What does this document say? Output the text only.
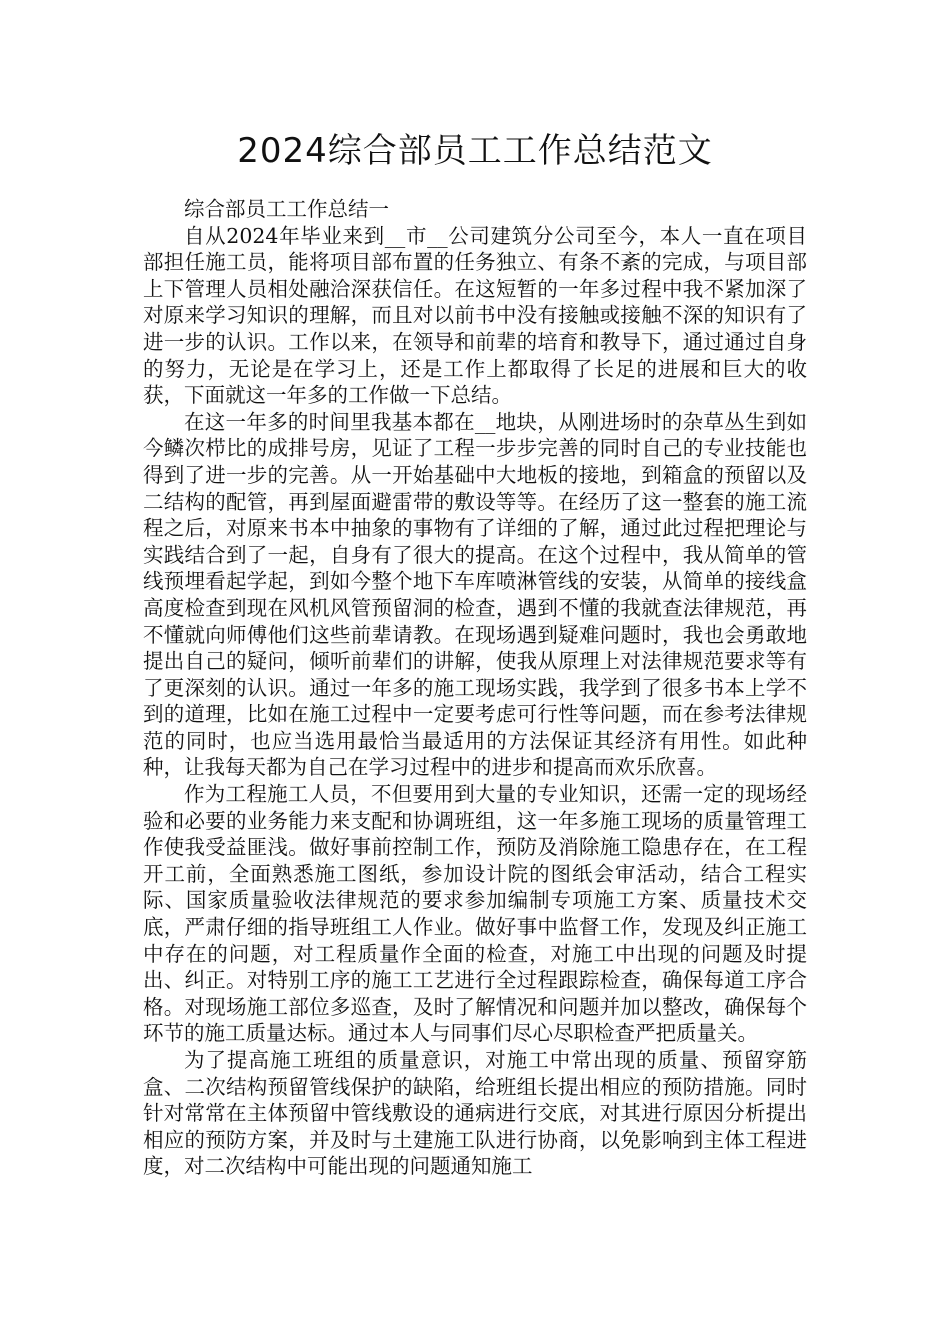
2024综合部员工工作总结范文

综合部员工工作总结一

自从2024年毕业来到__市__公司建筑分公司至今，本人一直在项目部担任施工员，能将项目部布置的任务独立、有条不紊的完成，与项目部上下管理人员相处融洽深获信任。在这短暂的一年多过程中我不紧加深了对原来学习知识的理解，而且对以前书中没有接触或接触不深的知识有了进一步的认识。工作以来，在领导和前辈的培育和教导下，通过通过自身的努力，无论是在学习上，还是工作上都取得了长足的进展和巨大的收获，下面就这一年多的工作做一下总结。

在这一年多的时间里我基本都在__地块，从刚进场时的杂草丛生到如今鳞次栉比的成排号房，见证了工程一步步完善的同时自己的专业技能也得到了进一步的完善。从一开始基础中大地板的接地，到箱盒的预留以及二结构的配管，再到屋面避雷带的敷设等等。在经历了这一整套的施工流程之后，对原来书本中抽象的事物有了详细的了解，通过此过程把理论与实践结合到了一起，自身有了很大的提高。在这个过程中，我从简单的管线预埋看起学起，到如今整个地下车库喷淋管线的安装，从简单的接线盒高度检查到现在风机风管预留洞的检查，遇到不懂的我就查法律规范，再不懂就向师傅他们这些前辈请教。在现场遇到疑难问题时，我也会勇敢地提出自己的疑问，倾听前辈们的讲解，使我从原理上对法律规范要求等有了更深刻的认识。通过一年多的施工现场实践，我学到了很多书本上学不到的道理，比如在施工过程中一定要考虑可行性等问题，而在参考法律规范的同时，也应当选用最恰当最适用的方法保证其经济有用性。如此种种，让我每天都为自己在学习过程中的进步和提高而欢乐欣喜。

作为工程施工人员，不但要用到大量的专业知识，还需一定的现场经验和必要的业务能力来支配和协调班组，这一年多施工现场的质量管理工作使我受益匪浅。做好事前控制工作，预防及消除施工隐患存在，在工程开工前，全面熟悉施工图纸，参加设计院的图纸会审活动，结合工程实际、国家质量验收法律规范的要求参加编制专项施工方案、质量技术交底，严肃仔细的指导班组工人作业。做好事中监督工作，发现及纠正施工中存在的问题，对工程质量作全面的检查，对施工中出现的问题及时提出、纠正。对特别工序的施工工艺进行全过程跟踪检查，确保每道工序合格。对现场施工部位多巡查，及时了解情况和问题并加以整改，确保每个环节的施工质量达标。通过本人与同事们尽心尽职检查严把质量关。

为了提高施工班组的质量意识，对施工中常出现的质量、预留穿筋盒、二次结构预留管线保护的缺陷，给班组长提出相应的预防措施。同时针对常常在主体预留中管线敷设的通病进行交底，对其进行原因分析提出相应的预防方案，并及时与土建施工队进行协商，以免影响到主体工程进度，对二次结构中可能出现的问题通知施工
